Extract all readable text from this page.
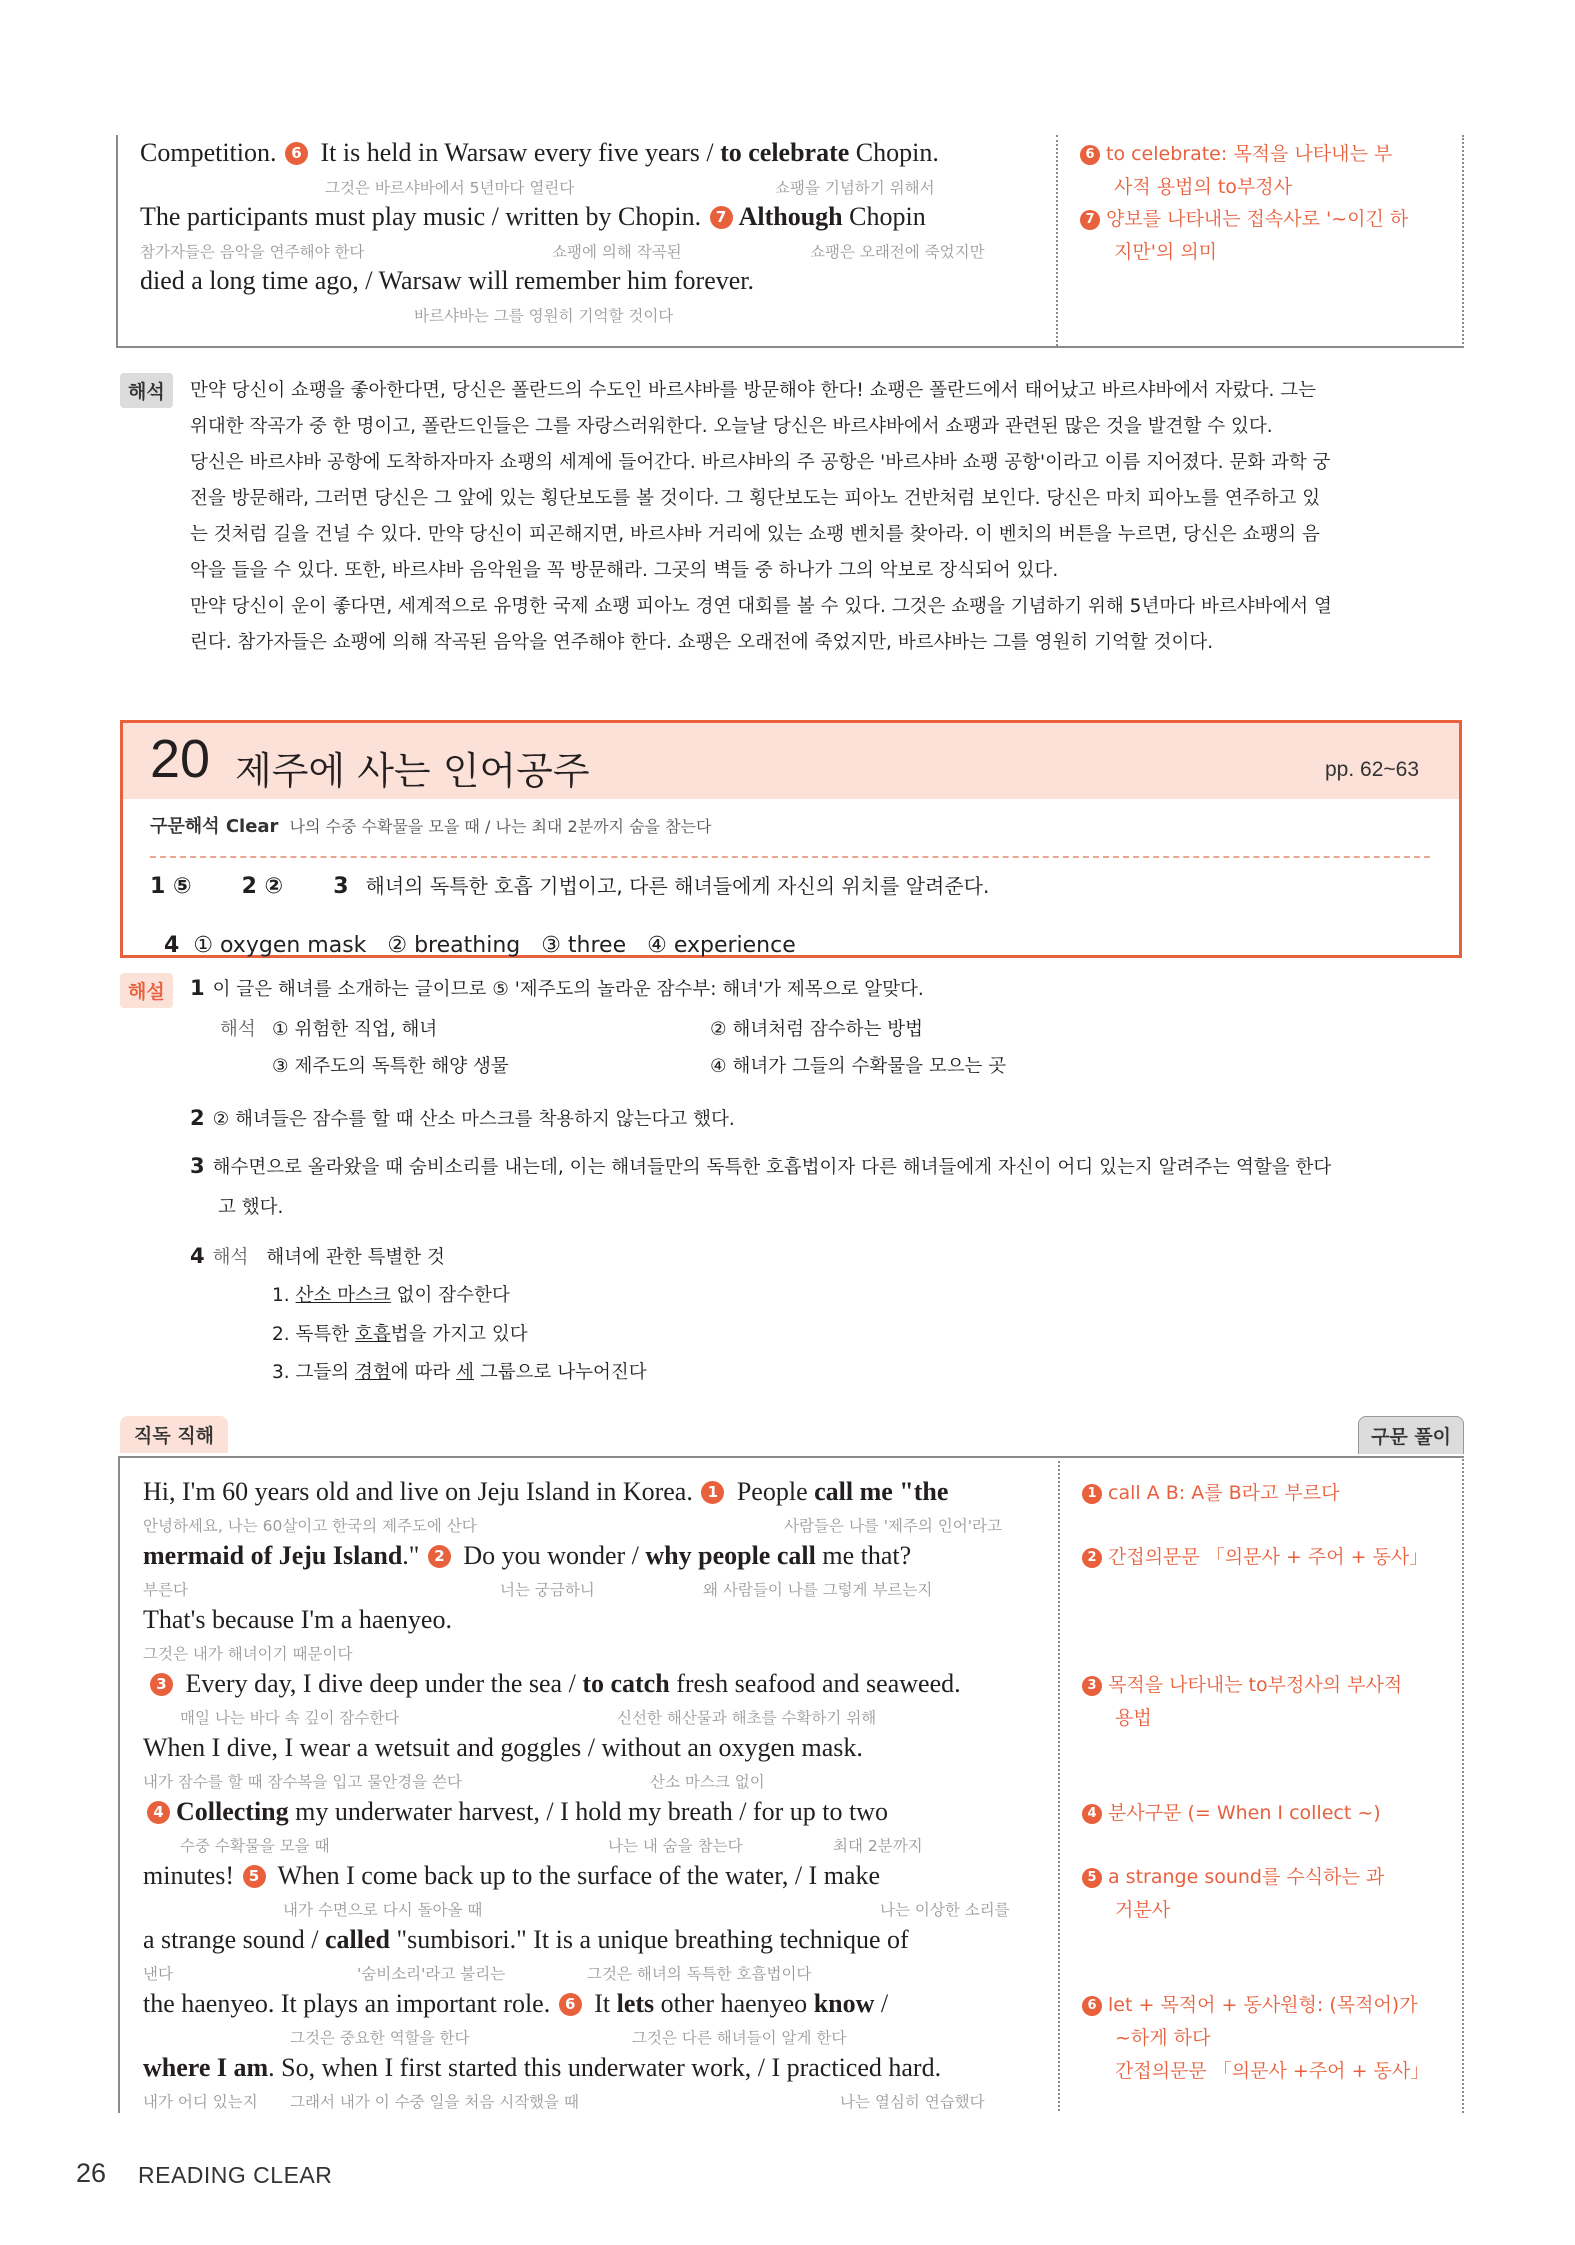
Competition. 6 It is held in Warsaw every five years / to celebrate Chopin.
그것은 바르샤바에서 5년마다 열린다	쇼팽을 기념하기 위해서
The participants must play music / written by Chopin. 7 Although Chopin
참가자들은 음악을 연주해야 한다	쇼팽에 의해 작곡된	쇼팽은 오래전에 죽었지만
died a long time ago, / Warsaw will remember him forever.
바르샤바는 그를 영원히 기억할 것이다
6 to celebrate: 목적을 나타내는 부
사적 용법의 to부정사
7 양보를 나타내는 접속사로 '~이긴 하
지만'의 의미
해석	만약 당신이 쇼팽을 좋아한다면, 당신은 폴란드의 수도인 바르샤바를 방문해야 한다! 쇼팽은 폴란드에서 태어났고 바르샤바에서 자랐다. 그는
위대한 작곡가 중 한 명이고, 폴란드인들은 그를 자랑스러워한다. 오늘날 당신은 바르샤바에서 쇼팽과 관련된 많은 것을 발견할 수 있다.
당신은 바르샤바 공항에 도착하자마자 쇼팽의 세계에 들어간다. 바르샤바의 주 공항은 '바르샤바 쇼팽 공항'이라고 이름 지어졌다. 문화 과학 궁
전을 방문해라, 그러면 당신은 그 앞에 있는 횡단보도를 볼 것이다. 그 횡단보도는 피아노 건반처럼 보인다. 당신은 마치 피아노를 연주하고 있
는 것처럼 길을 건널 수 있다. 만약 당신이 피곤해지면, 바르샤바 거리에 있는 쇼팽 벤치를 찾아라. 이 벤치의 버튼을 누르면, 당신은 쇼팽의 음
악을 들을 수 있다. 또한, 바르샤바 음악원을 꼭 방문해라. 그곳의 벽들 중 하나가 그의 악보로 장식되어 있다.
만약 당신이 운이 좋다면, 세계적으로 유명한 국제 쇼팽 피아노 경연 대회를 볼 수 있다. 그것은 쇼팽을 기념하기 위해 5년마다 바르샤바에서 열
린다. 참가자들은 쇼팽에 의해 작곡된 음악을 연주해야 한다. 쇼팽은 오래전에 죽었지만, 바르샤바는 그를 영원히 기억할 것이다.
20 제주에 사는 인어공주	pp. 62~63
구문해석 Clear 나의 수중 수확물을 모을 때 / 나는 최대 2분까지 숨을 참는다
1 ⑤ 2 ② 3 해녀의 독특한 호흡 기법이고, 다른 해녀들에게 자신의 위치를 알려준다.

4 ① oxygen mask   ② breathing   ③ three   ④ experience

해설	1 이 글은 해녀를 소개하는 글이므로 ⑤ '제주도의 놀라운 잠수부: 해녀'가 제목으로 알맞다.
해석 ① 위험한 직업, 해녀	② 해녀처럼 잠수하는 방법
③ 제주도의 독특한 해양 생물	④ 해녀가 그들의 수확물을 모으는 곳
2 ② 해녀들은 잠수를 할 때 산소 마스크를 착용하지 않는다고 했다.
3 해수면으로 올라왔을 때 숨비소리를 내는데, 이는 해녀들만의 독특한 호흡법이자 다른 해녀들에게 자신이 어디 있는지 알려주는 역할을 한다
고 했다.
4 해석 해녀에 관한 특별한 것
1. 산소 마스크 없이 잠수한다
2. 독특한 호흡법을 가지고 있다
3. 그들의 경험에 따라 세 그룹으로 나누어진다
직독 직해	구문 풀이
Hi, I'm 60 years old and live on Jeju Island in Korea. 1 People call me "the
안녕하세요, 나는 60살이고 한국의 제주도에 산다	사람들은 나를 '제주의 인어'라고
mermaid of Jeju Island." 2 Do you wonder / why people call me that?
부른다	너는 궁금하니	왜 사람들이 나를 그렇게 부르는지
That's because I'm a haenyeo.
그것은 내가 해녀이기 때문이다
3 Every day, I dive deep under the sea / to catch fresh seafood and seaweed.
매일 나는 바다 속 깊이 잠수한다	신선한 해산물과 해초를 수확하기 위해
When I dive, I wear a wetsuit and goggles / without an oxygen mask.
내가 잠수를 할 때 잠수복을 입고 물안경을 쓴다	산소 마스크 없이
4 Collecting my underwater harvest, / I hold my breath / for up to two
수중 수확물을 모을 때	나는 내 숨을 참는다	최대 2분까지
minutes! 5 When I come back up to the surface of the water, / I make
내가 수면으로 다시 돌아올 때	나는 이상한 소리를
a strange sound / called "sumbisori." It is a unique breathing technique of
낸다	'숨비소리'라고 불리는	그것은 해녀의 독특한 호흡법이다
the haenyeo. It plays an important role. 6 It lets other haenyeo know /
그것은 중요한 역할을 한다	그것은 다른 해녀들이 알게 한다
where I am. So, when I first started this underwater work, / I practiced hard.
내가 어디 있는지 그래서 내가 이 수중 일을 처음 시작했을 때	나는 열심히 연습했다
1 call A B: A를 B라고 부르다
2 간접의문문 「의문사 + 주어 + 동사」
3 목적을 나타내는 to부정사의 부사적
용법
4 분사구문 (= When I collect ~)
5 a strange sound를 수식하는 과
거분사
6 let + 목적어 + 동사원형: (목적어)가
~하게 하다
간접의문문 「의문사 +주어 + 동사」
26 READING CLEAR
